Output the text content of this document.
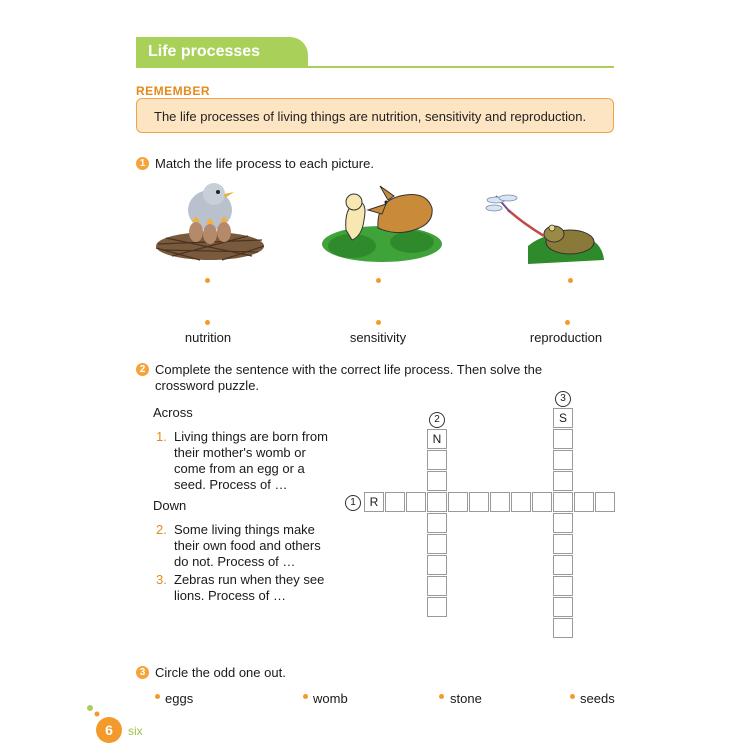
Life processes
REMEMBER
The life processes of living things are nutrition, sensitivity and reproduction.
1 Match the life process to each picture.
nutrition	sensitivity	reproduction
2 Complete the sentence with the correct life process. Then solve the
crossword puzzle.
Across
1. Living things are born from
their mother's womb or
come from an egg or a
seed. Process of …
Down
2. Some living things make
their own food and others
do not. Process of …
3. Zebras run when they see
lions. Process of …
R
N
S
1
2
3
3 Circle the odd one out.
eggs	womb	stone	seeds
6	six
